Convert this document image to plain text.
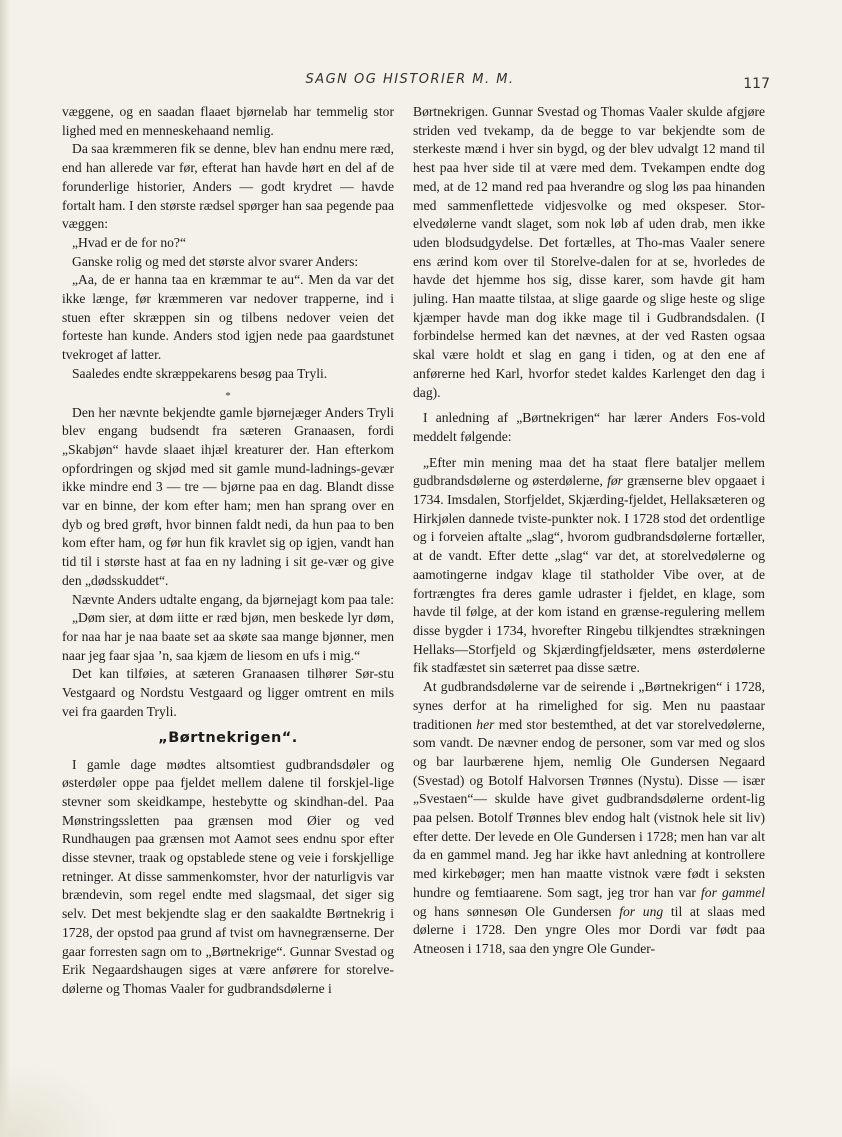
SAGN OG HISTORIER M. M.	117

væggene, og en saadan flaaet bjørnelab har temmelig stor lighed med en menneskehaand nemlig.

Da saa kræmmeren fik se denne, blev han endnu mere ræd, end han allerede var før, efterat han havde hørt en del af de forunderlige historier, Anders — godt krydret — havde fortalt ham. I den største rædsel spørger han saa pegende paa væggen:

„Hvad er de for no?“

Ganske rolig og med det største alvor svarer Anders:

„Aa, de er hanna taa en kræmmar te au“. Men da var det ikke længe, før kræmmeren var nedover trapperne, ind i stuen efter skræppen sin og tilbens nedover veien det forteste han kunde. Anders stod igjen nede paa gaardstunet tvekroget af latter.

Saaledes endte skræppekarens besøg paa Tryli.

*

Den her nævnte bekjendte gamle bjørnejæger Anders Tryli blev engang budsendt fra sæteren Granaasen, fordi „Skabjøn“ havde slaaet ihjæl kreaturer der. Han efterkom opfordringen og skjød med sit gamle mund-ladnings-gevær ikke mindre end 3 — tre — bjørne paa en dag. Blandt disse var en binne, der kom efter ham; men han sprang over en dyb og bred grøft, hvor binnen faldt nedi, da hun paa to ben kom efter ham, og før hun fik kravlet sig op igjen, vandt han tid til i største hast at faa en ny ladning i sit ge-vær og give den „dødsskuddet“.

Nævnte Anders udtalte engang, da bjørnejagt kom paa tale:

„Døm sier, at døm iitte er ræd bjøn, men beskede lyr døm, for naa har je naa baate set aa skøte saa mange bjønner, men naar jeg faar sjaa ’n, saa kjæm de liesom en ufs i mig.“

Det kan tilføies, at sæteren Granaasen tilhører Sør-stu Vestgaard og Nordstu Vestgaard og ligger omtrent en mils vei fra gaarden Tryli.

„Børtnekrigen“.

I gamle dage mødtes altsomtiest gudbrandsdøler og østerdøler oppe paa fjeldet mellem dalene til forskjel-lige stevner som skeidkampe, hestebytte og skindhan-del. Paa Mønstringssletten paa grænsen mod Øier og ved Rundhaugen paa grænsen mot Aamot sees endnu spor efter disse stevner, traak og opstablede stene og veie i forskjellige retninger. At disse sammenkomster, hvor der naturligvis var brændevin, som regel endte med slagsmaal, det siger sig selv. Det mest bekjendte slag er den saakaldte Børtnekrig i 1728, der opstod paa grund af tvist om havnegrænserne. Der gaar forresten sagn om to „Børtnekrige“. Gunnar Svestad og Erik Negaardshaugen siges at være anførere for storelve-dølerne og Thomas Vaaler for gudbrandsdølerne i

Børtnekrigen. Gunnar Svestad og Thomas Vaaler skulde afgjøre striden ved tvekamp, da de begge to var bekjendte som de sterkeste mænd i hver sin bygd, og der blev udvalgt 12 mand til hest paa hver side til at være med dem. Tvekampen endte dog med, at de 12 mand red paa hverandre og slog løs paa hinanden med sammenflettede vidjesvolke og med okspeser. Stor-elvedølerne vandt slaget, som nok løb af uden drab, men ikke uden blodsudgydelse. Det fortælles, at Tho-mas Vaaler senere ens ærind kom over til Storelve-dalen for at se, hvorledes de havde det hjemme hos sig, disse karer, som havde git ham juling. Han maatte tilstaa, at slige gaarde og slige heste og slige kjæmper havde man dog ikke mage til i Gudbrandsdalen. (I forbindelse hermed kan det nævnes, at der ved Rasten ogsaa skal være holdt et slag en gang i tiden, og at den ene af anførerne hed Karl, hvorfor stedet kaldes Karlenget den dag i dag).

I anledning af „Børtnekrigen“ har lærer Anders Fos-vold meddelt følgende:

„Efter min mening maa det ha staat flere bataljer mellem gudbrandsdølerne og østerdølerne, før grænserne blev opgaaet i 1734. Imsdalen, Storfjeldet, Skjærding-fjeldet, Hellaksæteren og Hirkjølen dannede tviste-punkter nok. I 1728 stod det ordentlige og i forveien aftalte „slag“, hvorom gudbrandsdølerne fortæller, at de vandt. Efter dette „slag“ var det, at storelvedølerne og aamotingerne indgav klage til statholder Vibe over, at de fortrængtes fra deres gamle udraster i fjeldet, en klage, som havde til følge, at der kom istand en grænse-regulering mellem disse bygder i 1734, hvorefter Ringebu tilkjendtes strækningen Hellaks—Storfjeld og Skjærdingfjeldsæter, mens østerdølerne fik stadfæstet sin sæterret paa disse sætre.

At gudbrandsdølerne var de seirende i „Børtnekrigen“ i 1728, synes derfor at ha rimelighed for sig. Men nu paastaar traditionen her med stor bestemthed, at det var storelvedølerne, som vandt. De nævner endog de personer, som var med og slos og bar laurbærene hjem, nemlig Ole Gundersen Negaard (Svestad) og Botolf Halvorsen Trønnes (Nystu). Disse — især „Svestaen“— skulde have givet gudbrandsdølerne ordent-lig paa pelsen. Botolf Trønnes blev endog halt (vistnok hele sit liv) efter dette. Der levede en Ole Gundersen i 1728; men han var alt da en gammel mand. Jeg har ikke havt anledning at kontrollere med kirkebøger; men han maatte vistnok være født i seksten hundre og femtiaarene. Som sagt, jeg tror han var for gammel og hans sønnesøn Ole Gundersen for ung til at slaas med dølerne i 1728. Den yngre Oles mor Dordi var født paa Atneosen i 1718, saa den yngre Ole Gunder-
